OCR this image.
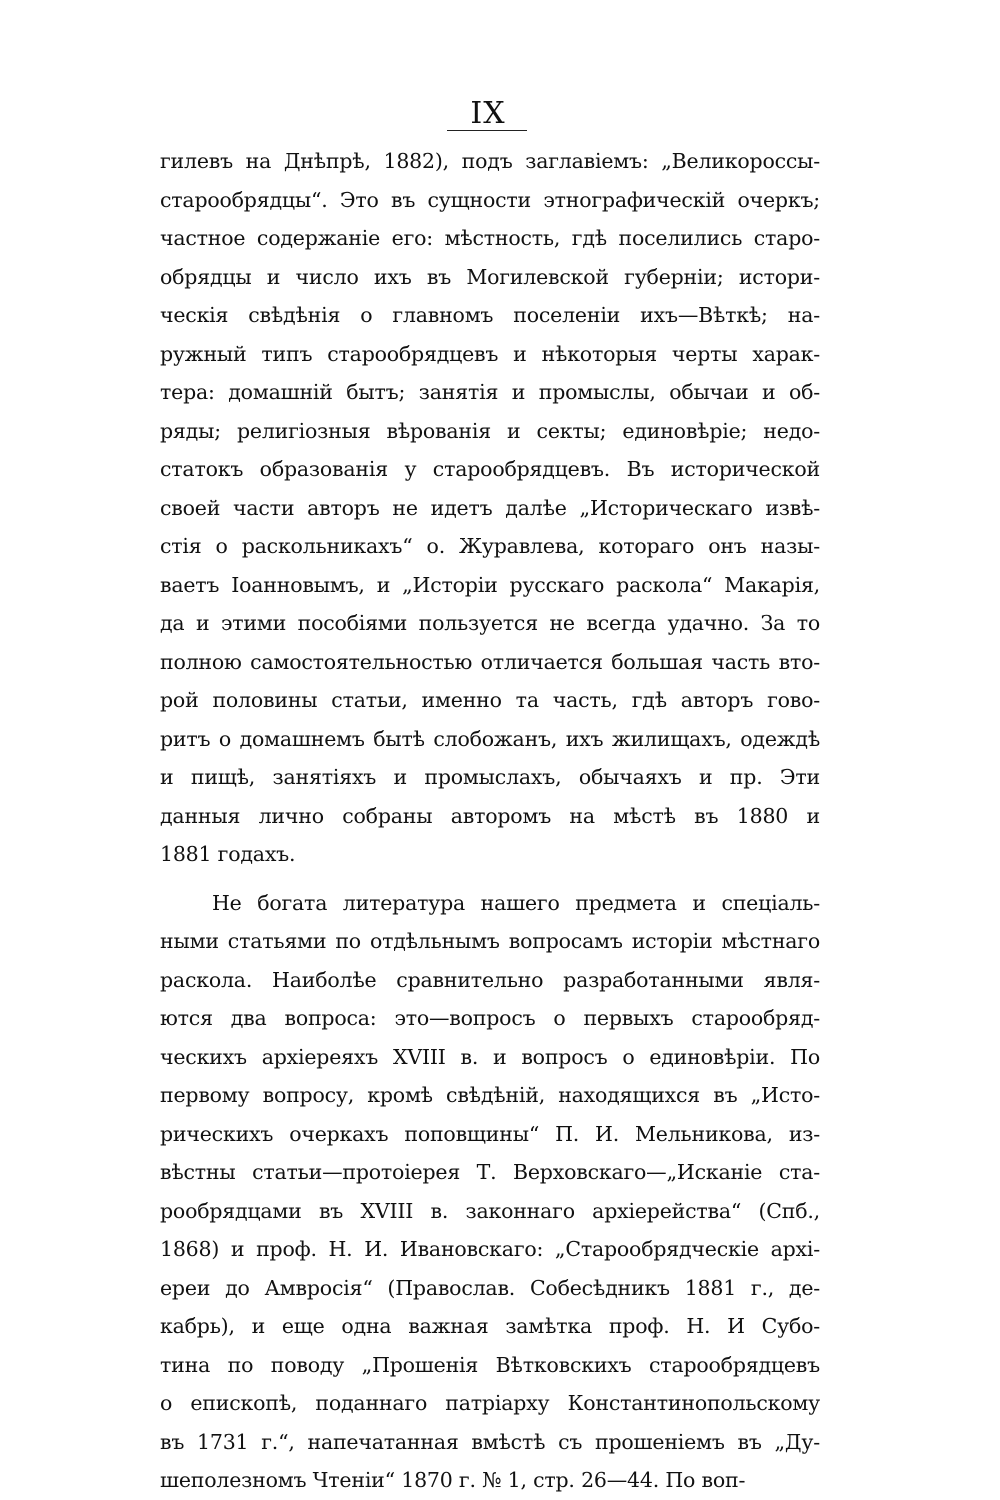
IX
гилевъ на Днѣпрѣ, 1882), подъ заглавіемъ: „Великороссы-
старообрядцы“. Это въ сущности этнографическій очеркъ;
частное содержаніе его: мѣстность, гдѣ поселились старо-
обрядцы и число ихъ въ Могилевской губерніи; истори-
ческія свѣдѣнія о главномъ поселеніи ихъ—Вѣткѣ; на-
ружный типъ старообрядцевъ и нѣкоторыя черты харак-
тера: домашній бытъ; занятія и промыслы, обычаи и об-
ряды; религіозныя вѣрованія и секты; единовѣріе; недо-
статокъ образованія у старообрядцевъ. Въ исторической
своей части авторъ не идетъ далѣе „Историческаго извѣ-
стія о раскольникахъ“ о. Журавлева, котораго онъ назы-
ваетъ Іоанновымъ, и „Исторіи русскаго раскола“ Макарія,
да и этими пособіями пользуется не всегда удачно. За то
полною самостоятельностью отличается большая часть вто-
рой половины статьи, именно та часть, гдѣ авторъ гово-
ритъ о домашнемъ бытѣ слобожанъ, ихъ жилищахъ, одеждѣ
и пищѣ, занятіяхъ и промыслахъ, обычаяхъ и пр. Эти
данныя лично собраны авторомъ на мѣстѣ въ 1880 и
1881 годахъ.
Не богата литература нашего предмета и спеціаль-
ными статьями по отдѣльнымъ вопросамъ исторіи мѣстнаго
раскола. Наиболѣе сравнительно разработанными явля-
ются два вопроса: это—вопросъ о первыхъ старообряд-
ческихъ архіереяхъ XVIII в. и вопросъ о единовѣріи. По
первому вопросу, кромѣ свѣдѣній, находящихся въ „Исто-
рическихъ очеркахъ поповщины“ П. И. Мельникова, из-
вѣстны статьи—протоіерея Т. Верховскаго—„Исканіе ста-
рообрядцами въ XVIII в. законнаго архіерейства“ (Спб.,
1868) и проф. Н. И. Ивановскаго: „Старообрядческіе архі-
ереи до Амвросія“ (Православ. Собесѣдникъ 1881 г., де-
кабрь), и еще одна важная замѣтка проф. Н. И Субо-
тина по поводу „Прошенія Вѣтковскихъ старообрядцевъ
о епископѣ, поданнаго патріарху Константинопольскому
въ 1731 г.“, напечатанная вмѣстѣ съ прошеніемъ въ „Ду-
шеполезномъ Чтеніи“ 1870 г. № 1, стр. 26—44. По воп-
